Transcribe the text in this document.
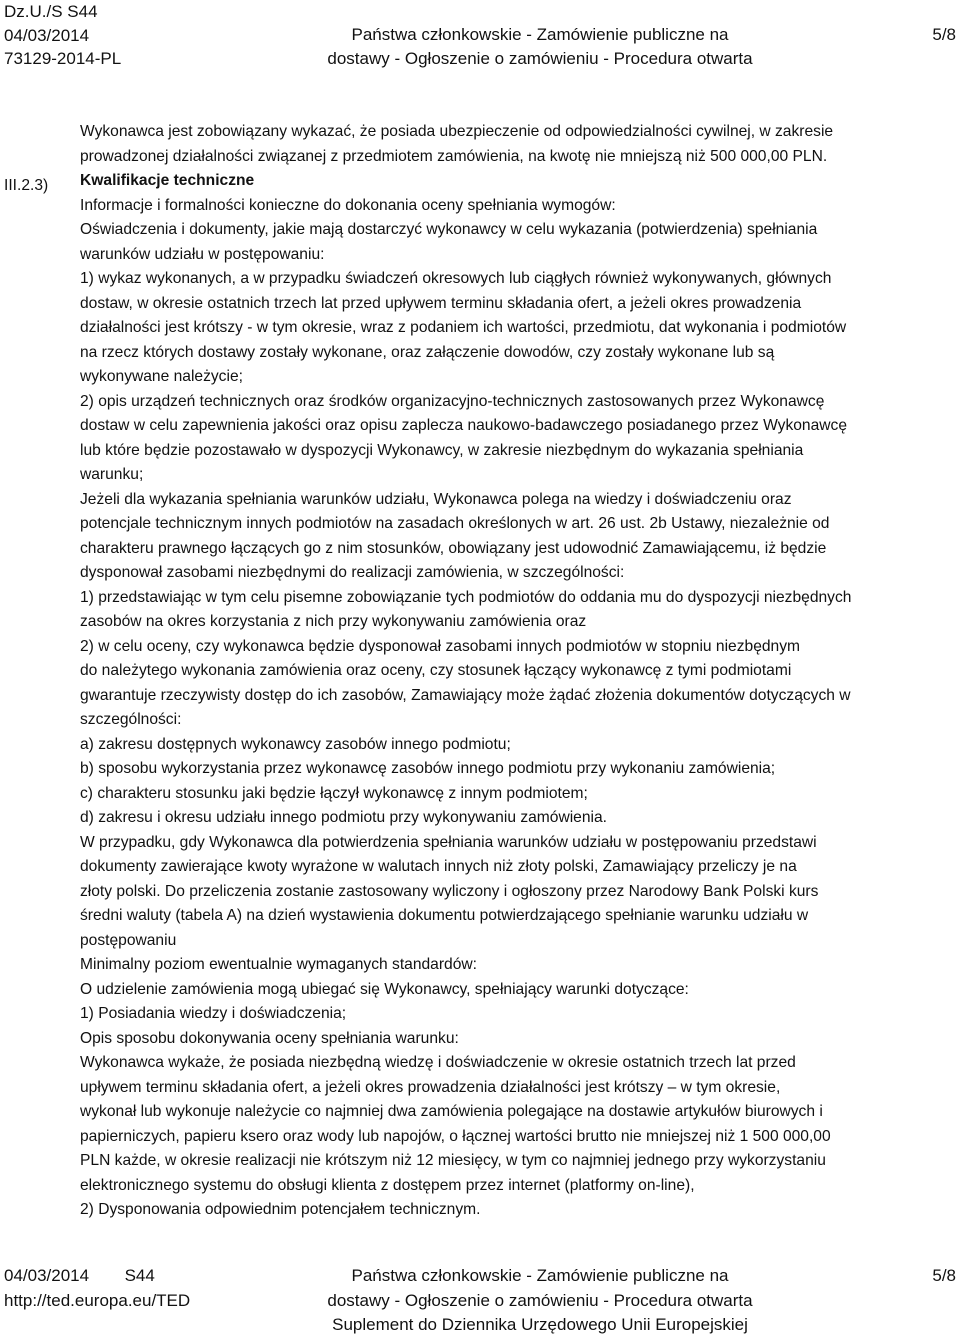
Dz.U./S S44
04/03/2014
73129-2014-PL
Państwa członkowskie - Zamówienie publiczne na
dostawy - Ogłoszenie o zamówieniu - Procedura otwarta
5/8
III.2.3)
Wykonawca jest zobowiązany wykazać, że posiada ubezpieczenie od odpowiedzialności cywilnej, w zakresie
prowadzonej działalności związanej z przedmiotem zamówienia, na kwotę nie mniejszą niż 500 000,00 PLN.
Kwalifikacje techniczne
Informacje i formalności konieczne do dokonania oceny spełniania wymogów:
Oświadczenia i dokumenty, jakie mają dostarczyć wykonawcy w celu wykazania (potwierdzenia) spełniania
warunków udziału w postępowaniu:
1) wykaz wykonanych, a w przypadku świadczeń okresowych lub ciągłych również wykonywanych, głównych
dostaw, w okresie ostatnich trzech lat przed upływem terminu składania ofert, a jeżeli okres prowadzenia
działalności jest krótszy - w tym okresie, wraz z podaniem ich wartości, przedmiotu, dat wykonania i podmiotów
na rzecz których dostawy zostały wykonane, oraz załączenie dowodów, czy zostały wykonane lub są
wykonywane należycie;
2) opis urządzeń technicznych oraz środków organizacyjno-technicznych zastosowanych przez Wykonawcę
dostaw w celu zapewnienia jakości oraz opisu zaplecza naukowo-badawczego posiadanego przez Wykonawcę
lub które będzie pozostawało w dyspozycji Wykonawcy, w zakresie niezbędnym do wykazania spełniania
warunku;
Jeżeli dla wykazania spełniania warunków udziału, Wykonawca polega na wiedzy i doświadczeniu oraz
potencjale technicznym innych podmiotów na zasadach określonych w art. 26 ust. 2b Ustawy, niezależnie od
charakteru prawnego łączących go z nim stosunków, obowiązany jest udowodnić Zamawiającemu, iż będzie
dysponował zasobami niezbędnymi do realizacji zamówienia, w szczególności:
1) przedstawiając w tym celu pisemne zobowiązanie tych podmiotów do oddania mu do dyspozycji niezbędnych
zasobów na okres korzystania z nich przy wykonywaniu zamówienia oraz
2) w celu oceny, czy wykonawca będzie dysponował zasobami innych podmiotów w stopniu niezbędnym
do należytego wykonania zamówienia oraz oceny, czy stosunek łączący wykonawcę z tymi podmiotami
gwarantuje rzeczywisty dostęp do ich zasobów, Zamawiający może żądać złożenia dokumentów dotyczących w
szczególności:
a) zakresu dostępnych wykonawcy zasobów innego podmiotu;
b) sposobu wykorzystania przez wykonawcę zasobów innego podmiotu przy wykonaniu zamówienia;
c) charakteru stosunku jaki będzie łączył wykonawcę z innym podmiotem;
d) zakresu i okresu udziału innego podmiotu przy wykonywaniu zamówienia.
W przypadku, gdy Wykonawca dla potwierdzenia spełniania warunków udziału w postępowaniu przedstawi
dokumenty zawierające kwoty wyrażone w walutach innych niż złoty polski, Zamawiający przeliczy je na
złoty polski. Do przeliczenia zostanie zastosowany wyliczony i ogłoszony przez Narodowy Bank Polski kurs
średni waluty (tabela A) na dzień wystawienia dokumentu potwierdzającego spełnianie warunku udziału w
postępowaniu
Minimalny poziom ewentualnie wymaganych standardów:
O udzielenie zamówienia mogą ubiegać się Wykonawcy, spełniający warunki dotyczące:
1) Posiadania wiedzy i doświadczenia;
Opis sposobu dokonywania oceny spełniania warunku:
Wykonawca wykaże, że posiada niezbędną wiedzę i doświadczenie w okresie ostatnich trzech lat przed
upływem terminu składania ofert, a jeżeli okres prowadzenia działalności jest krótszy – w tym okresie,
wykonał lub wykonuje należycie co najmniej dwa zamówienia polegające na dostawie artykułów biurowych i
papierniczych, papieru ksero oraz wody lub napojów, o łącznej wartości brutto nie mniejszej niż 1 500 000,00
PLN każde, w okresie realizacji nie krótszym niż 12 miesięcy, w tym co najmniej jednego przy wykorzystaniu
elektronicznego systemu do obsługi klienta z dostępem przez internet (platformy on-line),
2) Dysponowania odpowiednim potencjałem technicznym.
04/03/2014 S44
http://ted.europa.eu/TED
Państwa członkowskie - Zamówienie publiczne na
dostawy - Ogłoszenie o zamówieniu - Procedura otwarta
Suplement do Dziennika Urzędowego Unii Europejskiej
5/8
